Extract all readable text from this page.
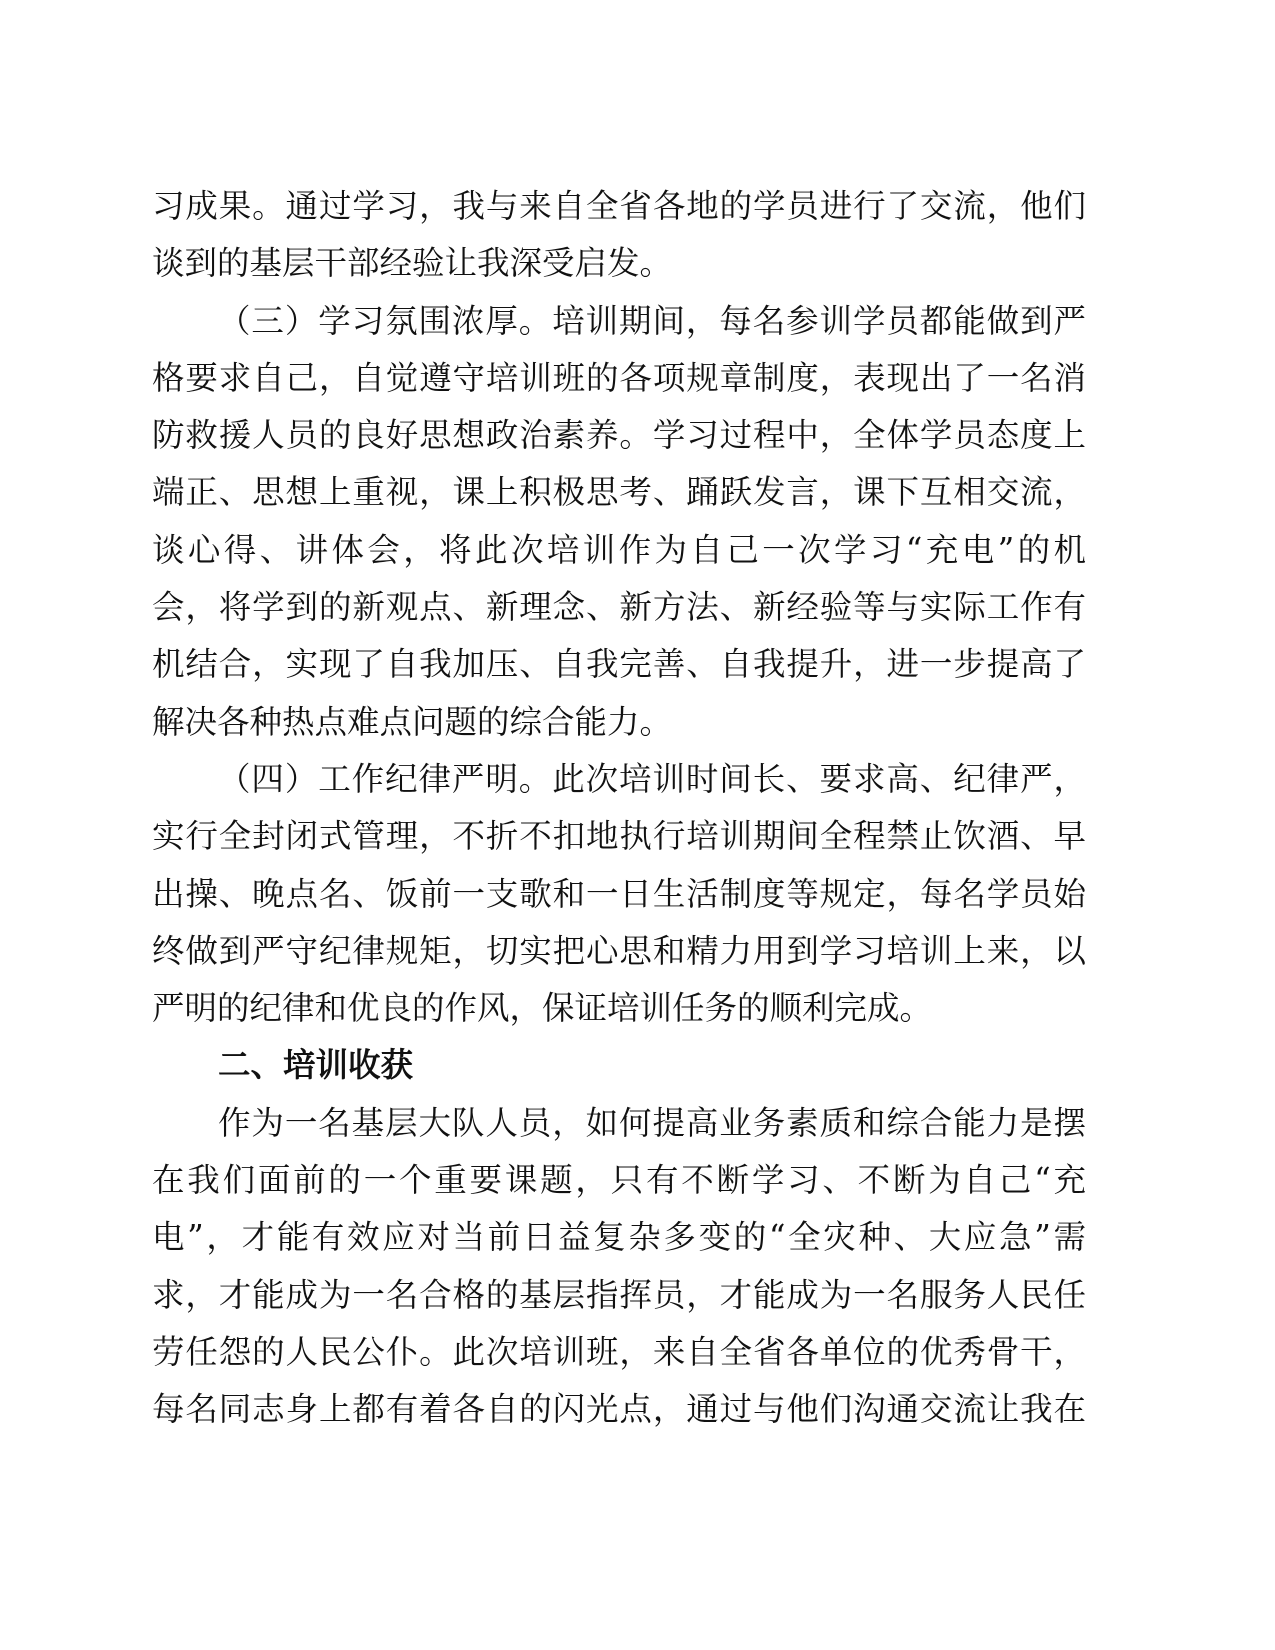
习成果。通过学习，我与来自全省各地的学员进行了交流，他们
谈到的基层干部经验让我深受启发。
（三）学习氛围浓厚。培训期间，每名参训学员都能做到严
格要求自己，自觉遵守培训班的各项规章制度，表现出了一名消
防救援人员的良好思想政治素养。学习过程中，全体学员态度上
端正、思想上重视，课上积极思考、踊跃发言，课下互相交流，
谈心得、讲体会，将此次培训作为自己一次学习“充电”的机
会，将学到的新观点、新理念、新方法、新经验等与实际工作有
机结合，实现了自我加压、自我完善、自我提升，进一步提高了
解决各种热点难点问题的综合能力。
（四）工作纪律严明。此次培训时间长、要求高、纪律严，
实行全封闭式管理，不折不扣地执行培训期间全程禁止饮酒、早
出操、晚点名、饭前一支歌和一日生活制度等规定，每名学员始
终做到严守纪律规矩，切实把心思和精力用到学习培训上来，以
严明的纪律和优良的作风，保证培训任务的顺利完成。
二、培训收获
作为一名基层大队人员，如何提高业务素质和综合能力是摆
在我们面前的一个重要课题，只有不断学习、不断为自己“充
电”，才能有效应对当前日益复杂多变的“全灾种、大应急”需
求，才能成为一名合格的基层指挥员，才能成为一名服务人民任
劳任怨的人民公仆。此次培训班，来自全省各单位的优秀骨干，
每名同志身上都有着各自的闪光点，通过与他们沟通交流让我在
